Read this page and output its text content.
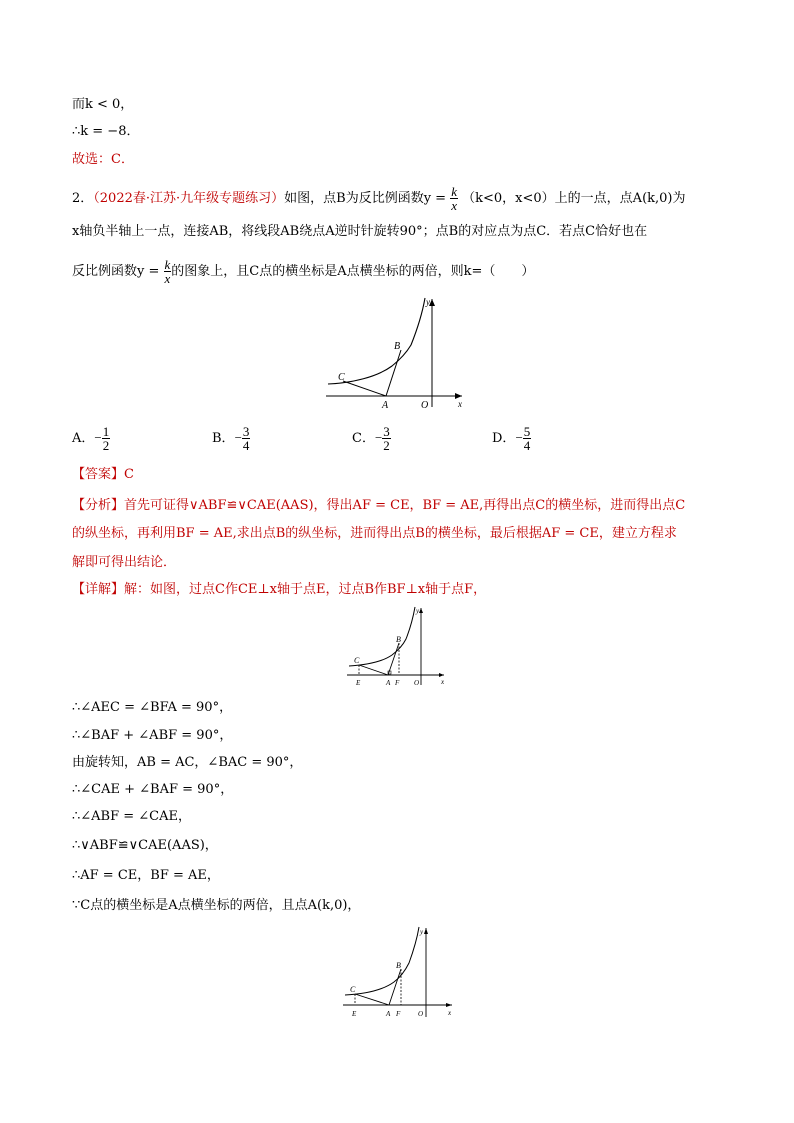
而k < 0，
∴k = −8．
故选：C．
2．（2022春·江苏·九年级专题练习）如图，点B为反比例函数$y = \frac{k}{x} (k<0$，x<0）上的一点，点A(k,0)为
x轴负半轴上一点，连接AB，将线段AB绕点A逆时针旋转90°；点B的对应点为点C．若点C恰好也在
反比例函数$y = \frac{k}{x}$ 的图象上，且C点的横坐标是A点横坐标的两倍，则k=（　　）
y
x
B
C
A	O
A．− $\frac{1}{2}$	B．− $\frac{3}{4}$	C．− $\frac{3}{2}$	D．− $\frac{5}{4}$
【答案】C
【分析】首先可证得∨ABF≌∨CAE(AAS)，得出AF = CE，BF = AE,再得出点C的横坐标，进而得出点C
的纵坐标，再利用BF = AE,求出点B的纵坐标，进而得出点B的横坐标，最后根据AF = CE，建立方程求
解即可得出结论．
【详解】解：如图，过点C作CE⊥x轴于点E，过点B作BF⊥x轴于点F，
y
x
B
C
E	A F O
∴∠AEC = ∠BFA = 90°，
∴∠BAF + ∠ABF = 90°，
由旋转知，AB = AC，∠BAC = 90°，
∴∠CAE + ∠BAF = 90°，
∴∠ABF = ∠CAE，
∴∨ABF≌∨CAE(AAS)，
∴AF = CE，BF = AE，
∵C点的横坐标是A点横坐标的两倍，且点A(k,0)，
y
x
B
C
E	A F	O
